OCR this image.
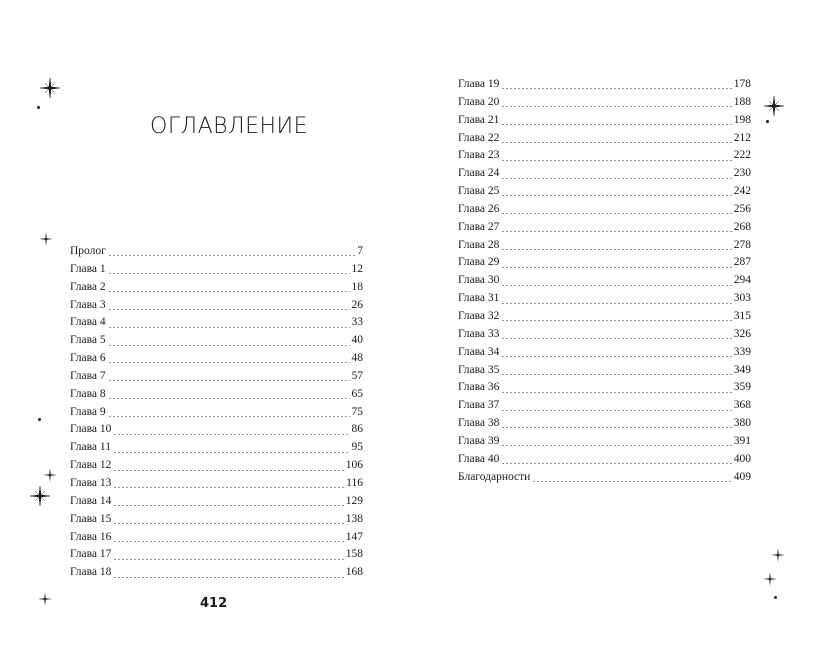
ОГЛАВЛЕНИЕ
Пролог	7
Глава 1	12
Глава 2	18
Глава 3	26
Глава 4	33
Глава 5	40
Глава 6	48
Глава 7	57
Глава 8	65
Глава 9	75
Глава 10	86
Глава 11	95
Глава 12	106
Глава 13	116
Глава 14	129
Глава 15	138
Глава 16	147
Глава 17	158
Глава 18	168
Глава 19	178
Глава 20	188
Глава 21	198
Глава 22	212
Глава 23	222
Глава 24	230
Глава 25	242
Глава 26	256
Глава 27	268
Глава 28	278
Глава 29	287
Глава 30	294
Глава 31	303
Глава 32	315
Глава 33	326
Глава 34	339
Глава 35	349
Глава 36	359
Глава 37	368
Глава 38	380
Глава 39	391
Глава 40	400
Благодарности	409
412
